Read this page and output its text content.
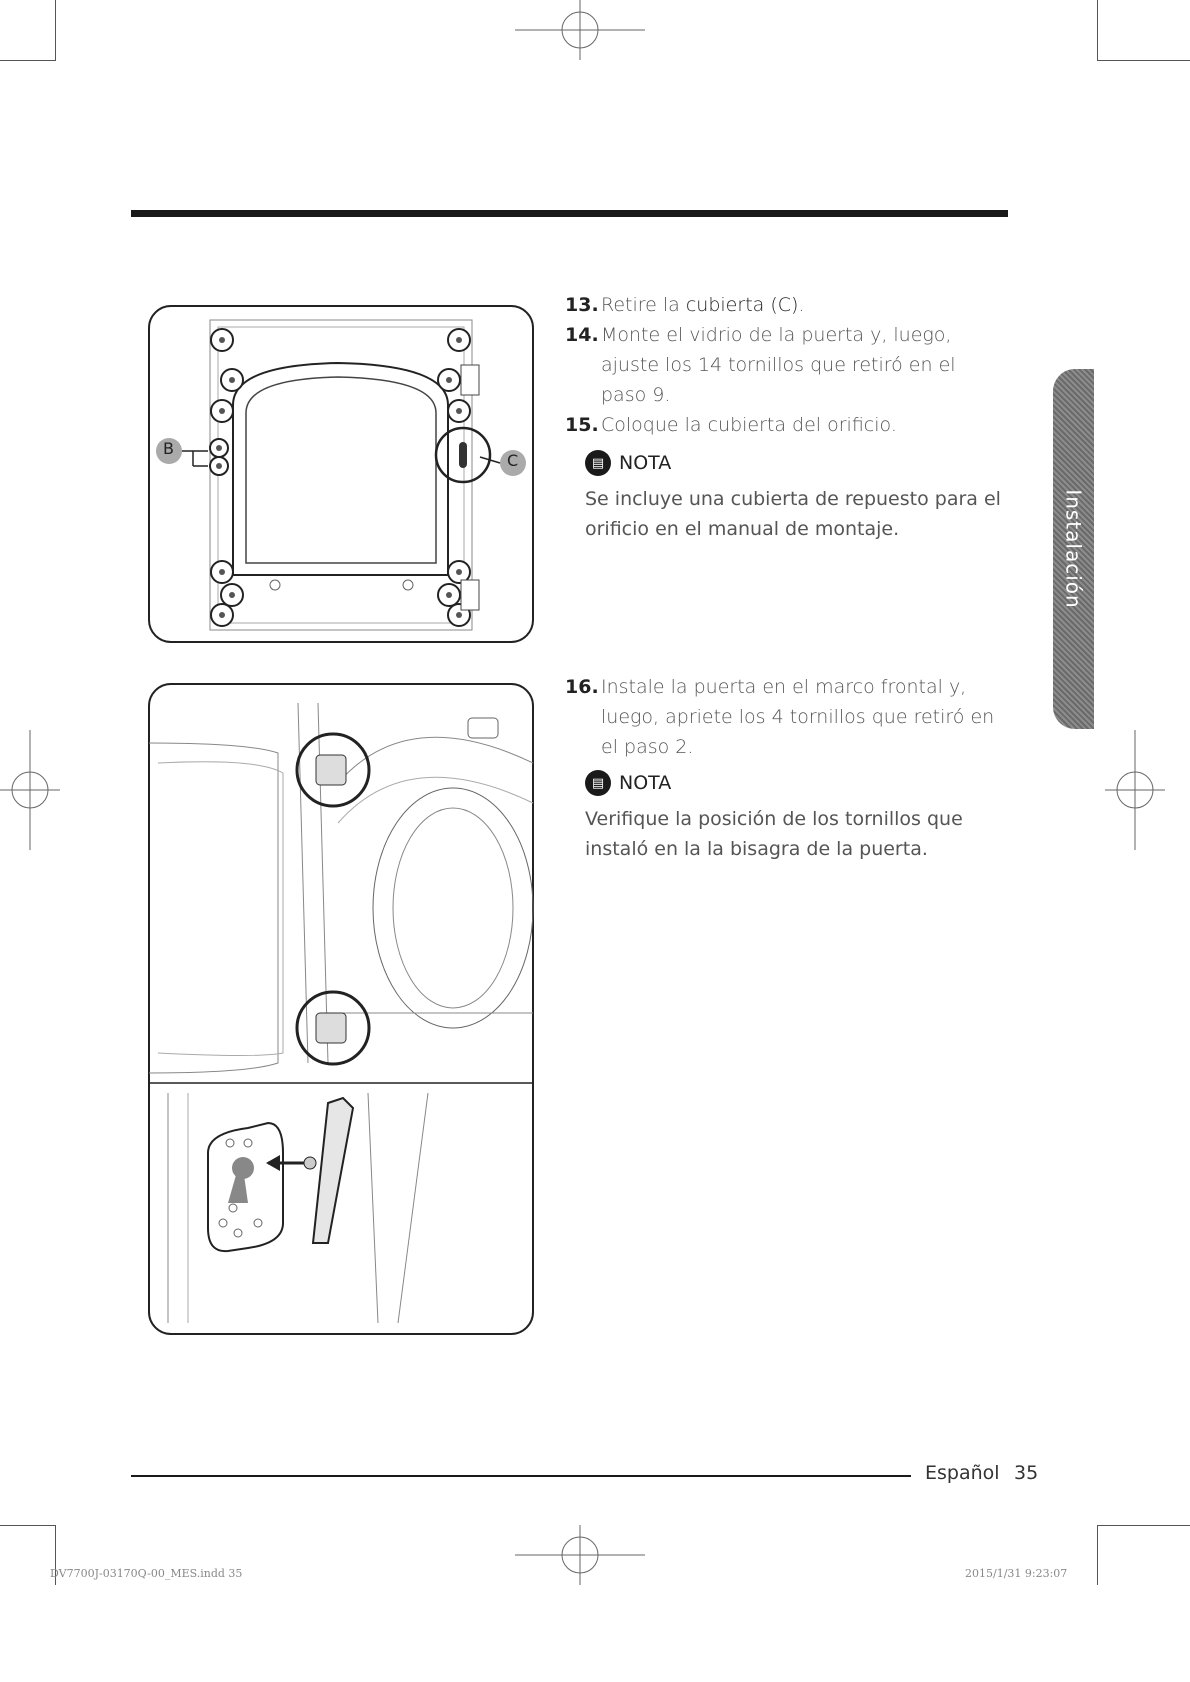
B
C
13. Retire la cubierta (C).
14. Monte el vidrio de la puerta y, luego, ajuste los 14 tornillos que retiró en el paso 9.
15. Coloque la cubierta del orificio.
▤ NOTA
Se incluye una cubierta de repuesto para el orificio en el manual de montaje.
16. Instale la puerta en el marco frontal y, luego, apriete los 4 tornillos que retiró en el paso 2.
▤ NOTA
Verifique la posición de los tornillos que instaló en la la bisagra de la puerta.
Instalación
Español 35
DV7700J-03170Q-00_MES.indd 35	2015/1/31 9:23:07
